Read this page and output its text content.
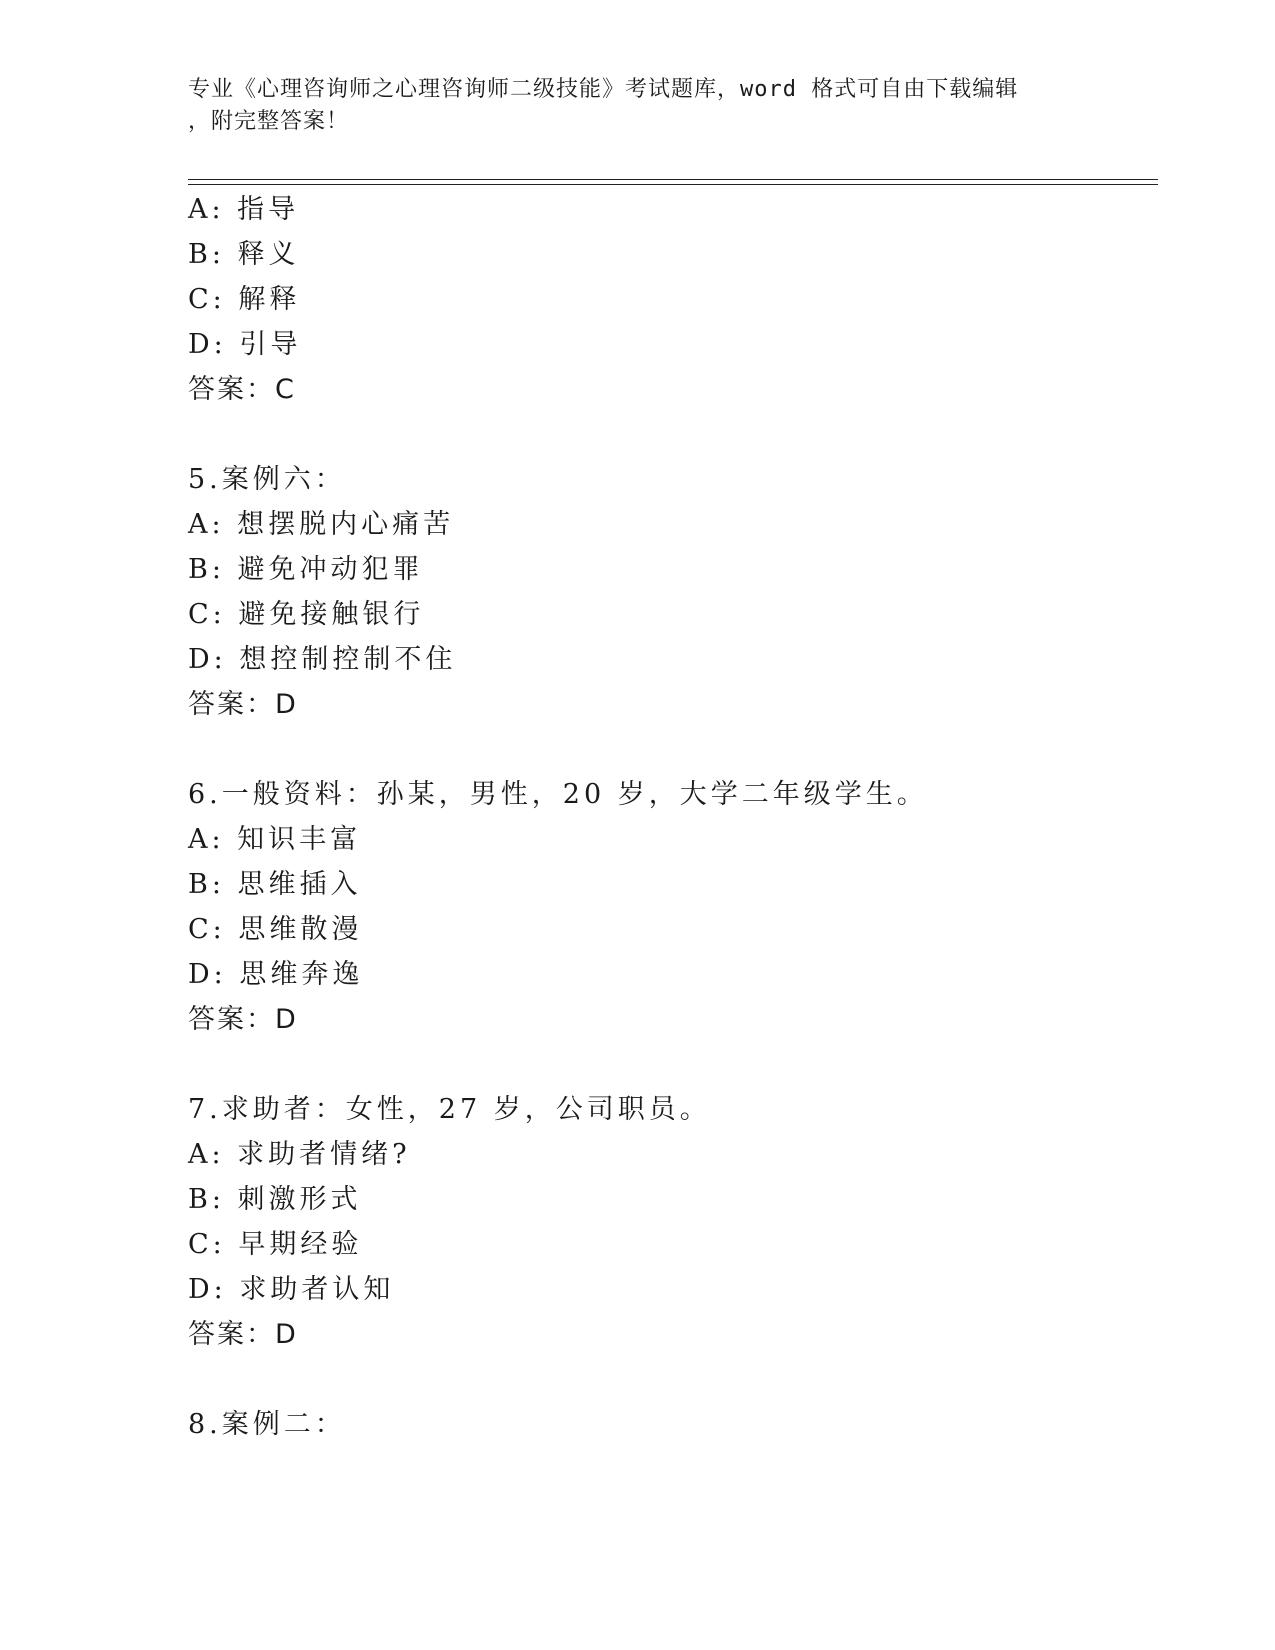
专业《心理咨询师之心理咨询师二级技能》考试题库，word 格式可自由下载编辑
，附完整答案！
A: 指导
B: 释义
C: 解释
D: 引导
答案：C
5.案例六：
A: 想摆脱内心痛苦
B: 避免冲动犯罪
C: 避免接触银行
D: 想控制控制不住
答案：D
6.一般资料：孙某，男性，20 岁，大学二年级学生。
A: 知识丰富
B: 思维插入
C: 思维散漫
D: 思维奔逸
答案：D
7.求助者：女性，27 岁，公司职员。
A: 求助者情绪?
B: 刺激形式
C: 早期经验
D: 求助者认知
答案：D
8.案例二：
